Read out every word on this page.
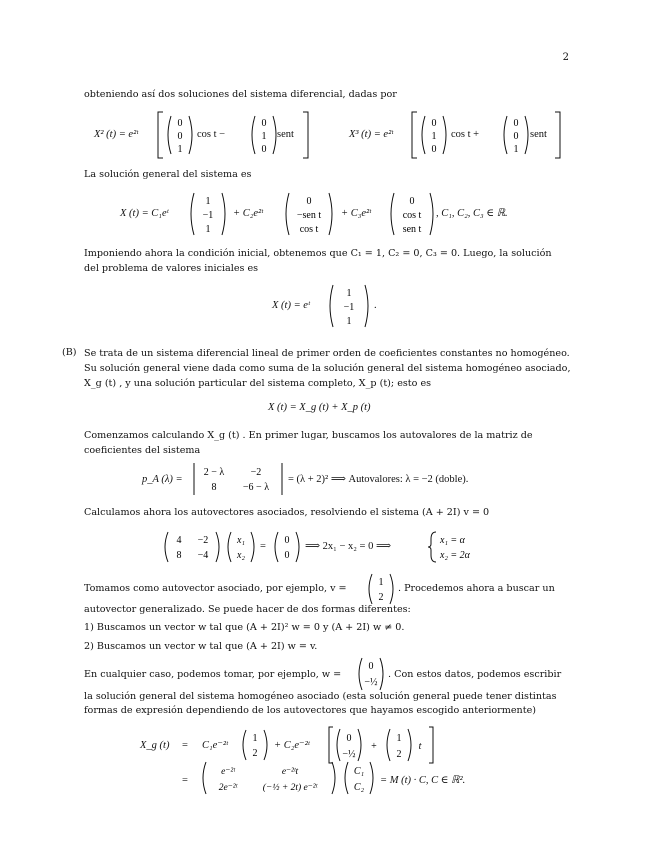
2
obteniendo así dos soluciones del sistema diferencial, dadas por
X² (t) = e²ᵗ
0
0
1
0
1
0
cos t −	sent	X³ (t) = e²ᵗ
0
1
0
0
0
1
cos t +	sent
La solución general del sistema es
X (t) = C₁eᵗ
1
−1
1
+ C₂e²ᵗ
0
−sen t
cos t
+ C₃e²ᵗ
0
cos t
sen t
, C₁, C₂, C₃ ∈ ℝ.
Imponiendo ahora la condición inicial, obtenemos que C₁ = 1, C₂ = 0, C₃ = 0. Luego, la solución
del problema de valores iniciales es
X (t) = eᵗ
1
−1
1
.
(B) Se trata de un sistema diferencial lineal de primer orden de coeficientes constantes no homogéneo.
Su solución general viene dada como suma de la solución general del sistema homogéneo asociado,
X_g (t) , y una solución particular del sistema completo, X_p (t); esto es
X (t) = X_g (t) + X_p (t)
Comenzamos calculando X_g (t) . En primer lugar, buscamos los autovalores de la matriz de
coeficientes del sistema
p_A (λ) =
2 − λ	−2
8	−6 − λ
= (λ + 2)² ⟹ Autovalores: λ = −2 (doble).
Calculamos ahora los autovectores asociados, resolviendo el sistema (A + 2I) v = 0
4 −2
8 −4
x₁
x₂
=
0
0
⟹ 2x₁ − x₂ = 0 ⟹
x₁ = α
x₂ = 2α
Tomamos como autovector asociado, por ejemplo, v =
1
2
. Procedemos ahora a buscar un
autovector generalizado. Se puede hacer de dos formas diferentes:
1) Buscamos un vector w tal que (A + 2I)² w = 0 y (A + 2I) w ≠ 0.
2) Buscamos un vector w tal que (A + 2I) w = v.
En cualquier caso, podemos tomar, por ejemplo, w =
0
−½
. Con estos datos, podemos escribir
la solución general del sistema homogéneo asociado (esta solución general puede tener distintas
formas de expresión dependiendo de los autovectores que hayamos escogido anteriormente)
X_g (t) = C₁e⁻²ᵗ
1
2
+ C₂e⁻²ᵗ
0
−½
+
1
2
t
=
e⁻²ᵗ	e⁻²ᵗt
2e⁻²ᵗ	(−½ + 2t) e⁻²ᵗ
C₁
C₂
= M (t) · C, C ∈ ℝ².
